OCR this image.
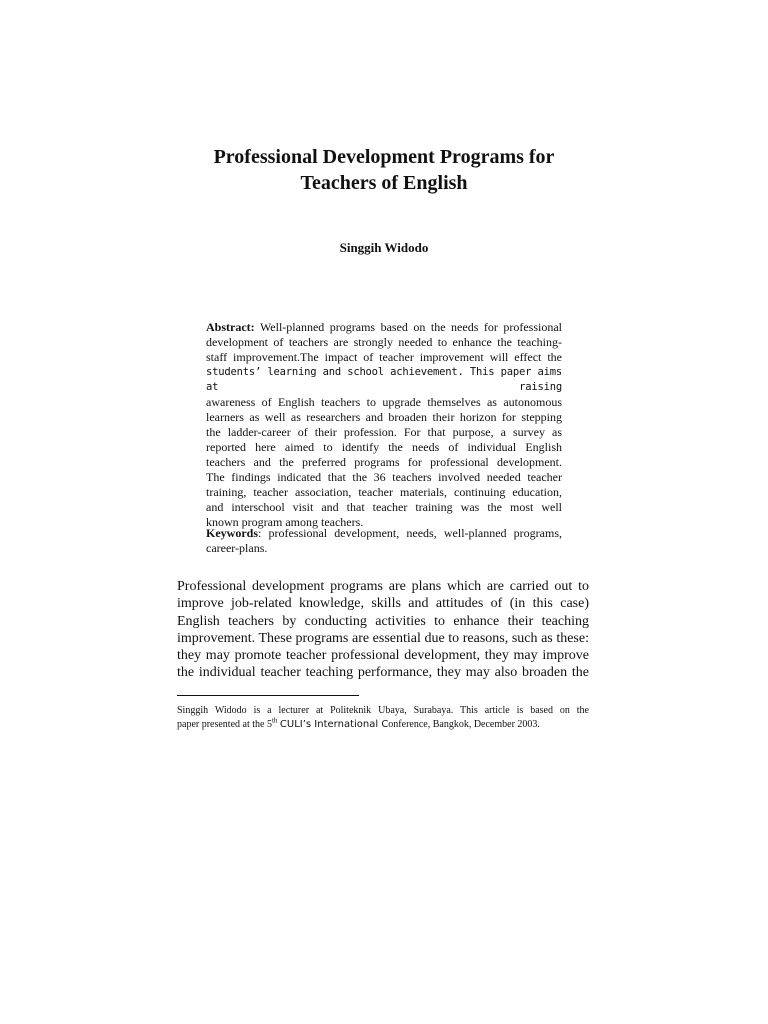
Professional Development Programs for
Teachers of English
Singgih Widodo
Abstract: Well-planned programs based on the needs for professional
development of teachers are strongly needed to enhance the teaching-
staff improvement.The impact of teacher improvement will effect the
students’ learning and school achievement. This paper aims at raising
awareness of English teachers to upgrade themselves as autonomous
learners as well as researchers and broaden their horizon for stepping
the ladder-career of their profession. For that purpose, a survey as
reported here aimed to identify the needs of individual English
teachers and the preferred programs for professional development.
The findings indicated that the 36 teachers involved needed teacher
training, teacher association, teacher materials, continuing education,
and interschool visit and that teacher training was the most well
known program among teachers.
Keywords: professional development, needs, well-planned programs,
career-plans.
Professional development programs are plans which are carried out to
improve job-related knowledge, skills and attitudes of (in this case)
English teachers by conducting activities to enhance their teaching
improvement. These programs are essential due to reasons, such as these:
they may promote teacher professional development, they may improve
the individual teacher teaching performance, they may also broaden the
Singgih Widodo is a lecturer at Politeknik Ubaya, Surabaya. This article is based on the
paper presented at the 5th CULI’s International Conference, Bangkok, December 2003.
